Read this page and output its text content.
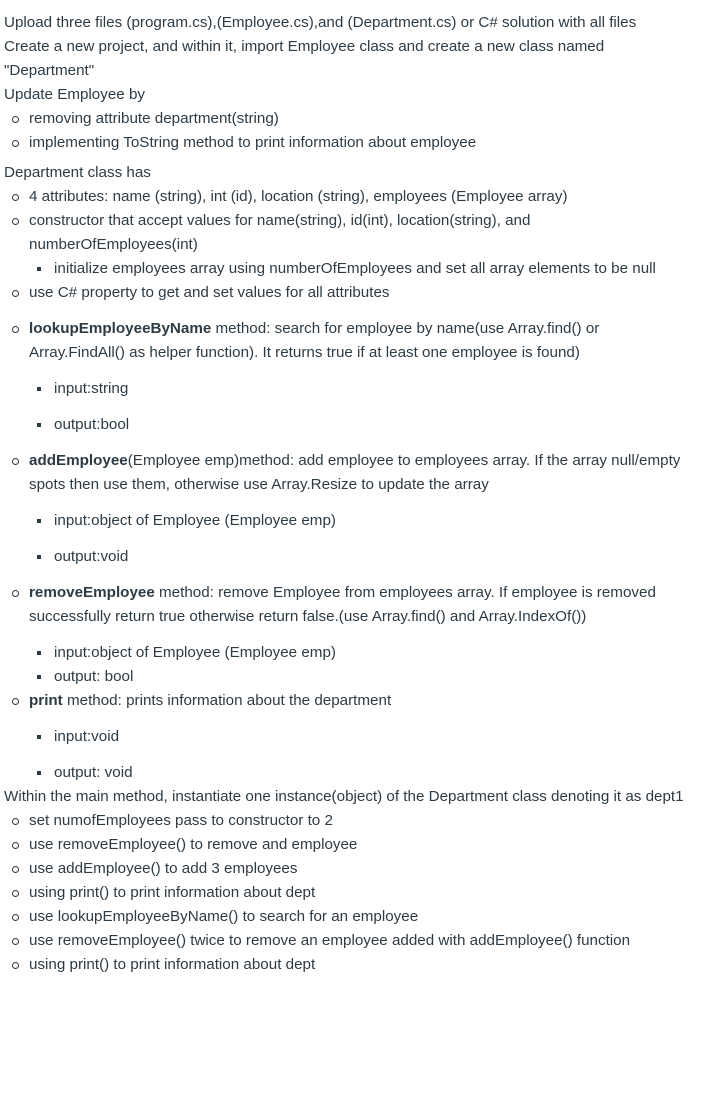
Upload three files (program.cs),(Employee.cs),and (Department.cs) or C# solution with all files

Create a new project, and within it, import Employee class and create a new class named "Department"

Update Employee by

removing attribute department(string)
implementing ToString method to print information about employee

Department class has

4 attributes: name (string), int (id), location (string), employees (Employee array)
constructor that accept values for name(string), id(int), location(string), and numberOfEmployees(int)
initialize employees array using numberOfEmployees and set all array elements to be null
use C# property to get and set values for all attributes
lookupEmployeeByName method: search for employee by name(use Array.find() or Array.FindAll() as helper function). It returns true if at least one employee is found)
input:string
output:bool
addEmployee(Employee emp)method: add employee to employees array. If the array null/empty spots then use them, otherwise use Array.Resize to update the array
input:object of Employee (Employee emp)
output:void
removeEmployee method: remove Employee from employees array. If employee is removed successfully return true otherwise return false.(use Array.find() and Array.IndexOf())
input:object of Employee (Employee emp)
output: bool
print method: prints information about the department
input:void
output: void

Within the main method, instantiate one instance(object) of the Department class denoting it as dept1

set numofEmployees pass to constructor to 2
use removeEmployee() to remove and employee
use addEmployee() to add 3 employees
using print() to print information about dept
use lookupEmployeeByName() to search for an employee
use removeEmployee() twice to remove an employee added with addEmployee() function
using print() to print information about dept
